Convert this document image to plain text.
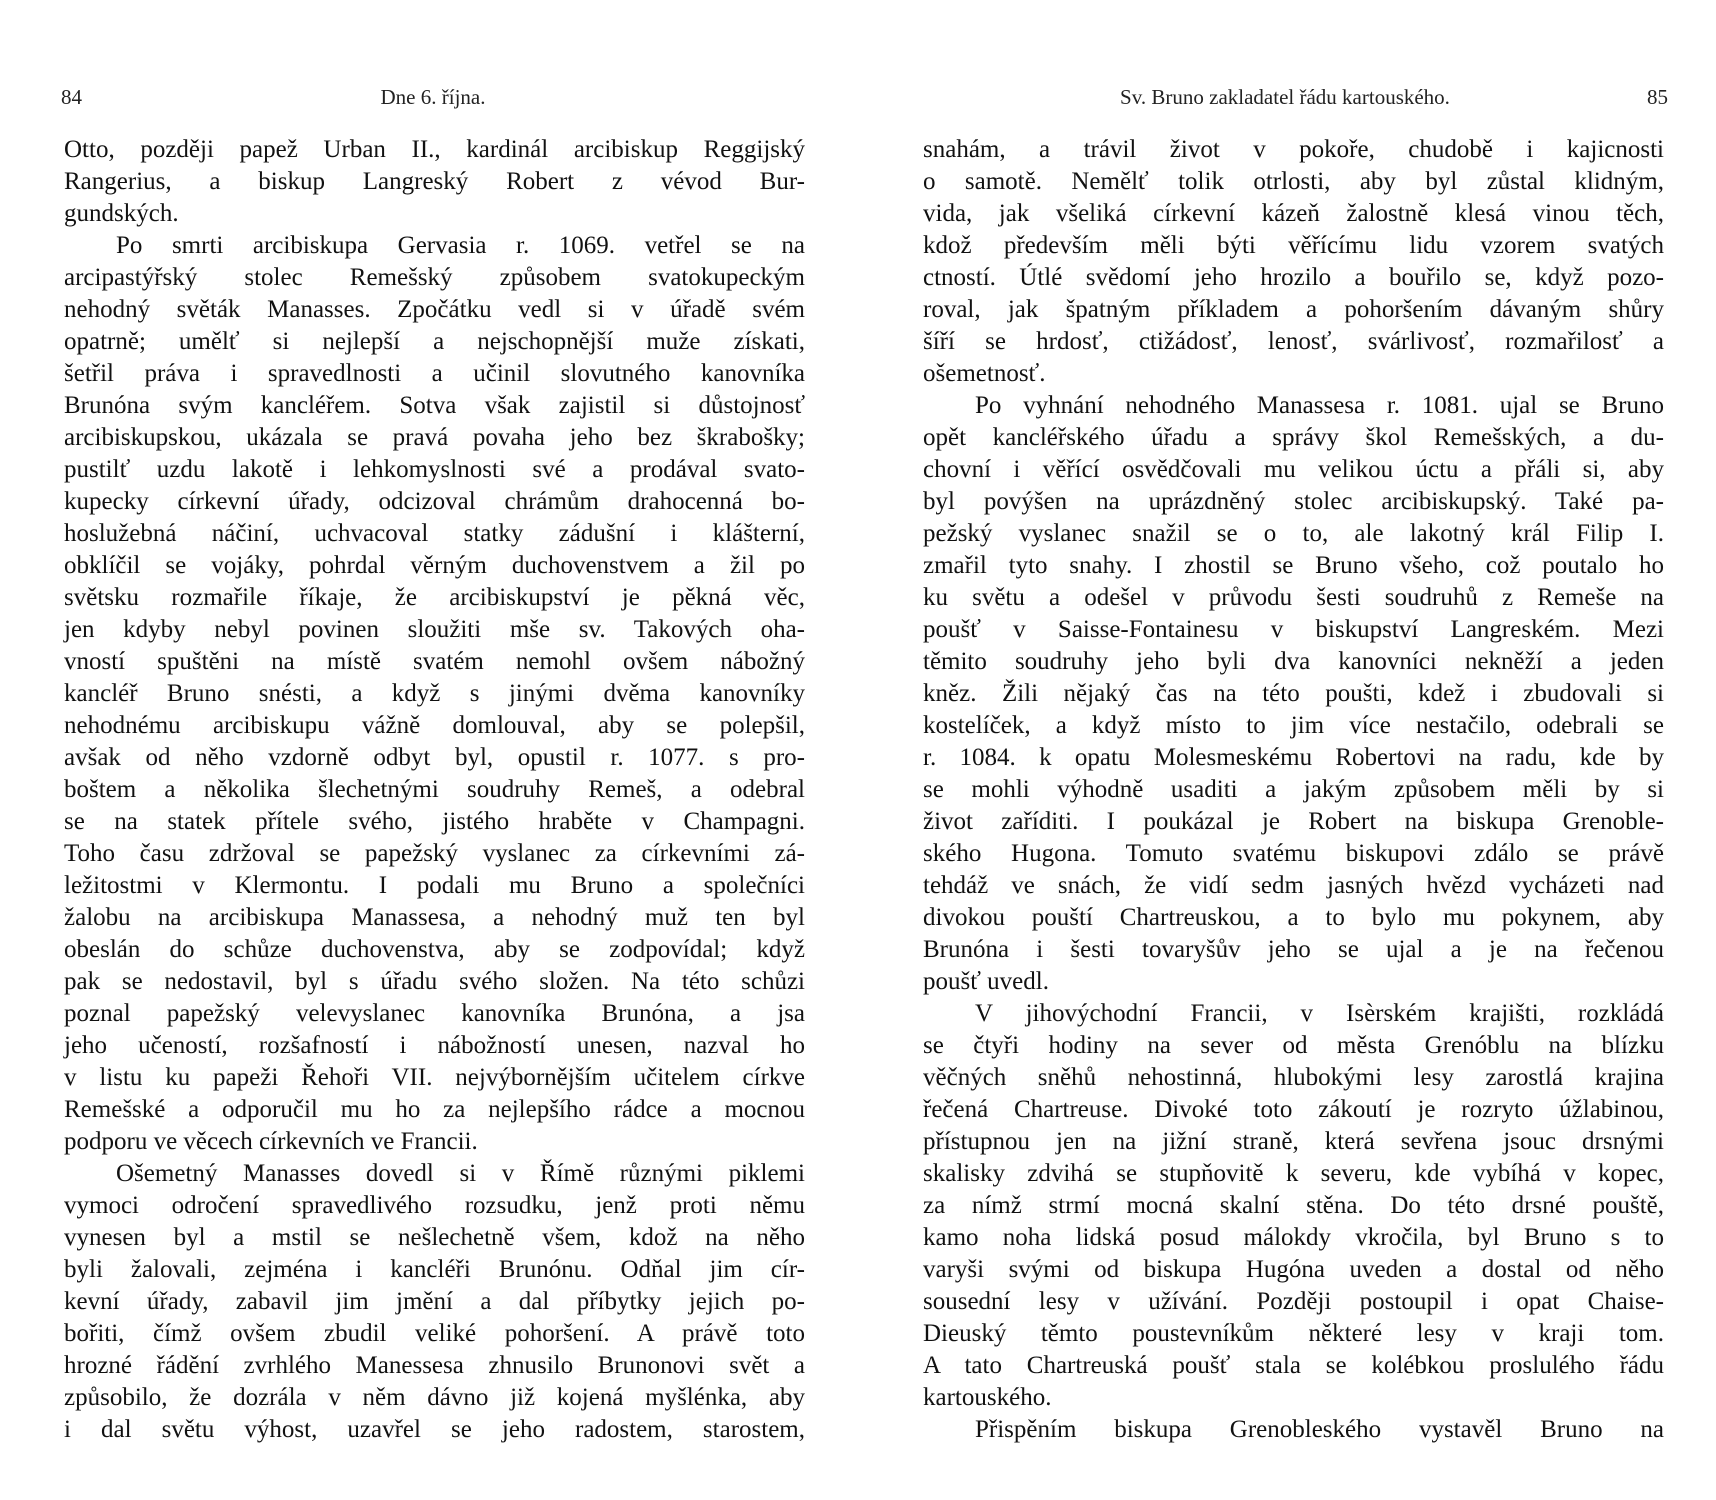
84	Dne 6. října.
Otto, později papež Urban II., kardinál arcibiskup Reggijský
Rangerius, a biskup Langreský Robert z vévod Bur-
gundských.
Po smrti arcibiskupa Gervasia r. 1069. vetřel se na
arcipastýřský stolec Remešský způsobem svatokupeckým
nehodný světák Manasses. Zpočátku vedl si v úřadě svém
opatrně; umělť si nejlepší a nejschopnější muže získati,
šetřil práva i spravedlnosti a učinil slovutného kanovníka
Brunóna svým kancléřem. Sotva však zajistil si důstojnosť
arcibiskupskou, ukázala se pravá povaha jeho bez škrabošky;
pustilť uzdu lakotě i lehkomyslnosti své a prodával svato-
kupecky církevní úřady, odcizoval chrámům drahocenná bo-
hoslužebná náčiní, uchvacoval statky zádušní i klášterní,
obklíčil se vojáky, pohrdal věrným duchovenstvem a žil po
světsku rozmařile říkaje, že arcibiskupství je pěkná věc,
jen kdyby nebyl povinen sloužiti mše sv. Takových oha-
vností spuštěni na místě svatém nemohl ovšem nábožný
kancléř Bruno snésti, a když s jinými dvěma kanovníky
nehodnému arcibiskupu vážně domlouval, aby se polepšil,
avšak od něho vzdorně odbyt byl, opustil r. 1077. s pro-
boštem a několika šlechetnými soudruhy Remeš, a odebral
se na statek přítele svého, jistého hraběte v Champagni.
Toho času zdržoval se papežský vyslanec za církevními zá-
ležitostmi v Klermontu. I podali mu Bruno a společníci
žalobu na arcibiskupa Manassesa, a nehodný muž ten byl
obeslán do schůze duchovenstva, aby se zodpovídal; když
pak se nedostavil, byl s úřadu svého složen. Na této schůzi
poznal papežský velevyslanec kanovníka Brunóna, a jsa
jeho učeností, rozšafností i nábožností unesen, nazval ho
v listu ku papeži Řehoři VII. nejvýbornějším učitelem církve
Remešské a odporučil mu ho za nejlepšího rádce a mocnou
podporu ve věcech církevních ve Francii.
Ošemetný Manasses dovedl si v Římě různými piklemi
vymoci odročení spravedlivého rozsudku, jenž proti němu
vynesen byl a mstil se nešlechetně všem, kdož na něho
byli žalovali, zejména i kancléři Brunónu. Odňal jim cír-
kevní úřady, zabavil jim jmění a dal příbytky jejich po-
bořiti, čímž ovšem zbudil veliké pohoršení. A právě toto
hrozné řádění zvrhlého Manessesa zhnusilo Brunonovi svět a
způsobilo, že dozrála v něm dávno již kojená myšlénka, aby
i dal světu výhost, uzavřel se jeho radostem, starostem,
Sv. Bruno zakladatel řádu kartouského.	85
snahám, a trávil život v pokoře, chudobě i kajicnosti
o samotě. Nemělť tolik otrlosti, aby byl zůstal klidným,
vida, jak všeliká církevní kázeň žalostně klesá vinou těch,
kdož především měli býti věřícímu lidu vzorem svatých
ctností. Útlé svědomí jeho hrozilo a bouřilo se, když pozo-
roval, jak špatným příkladem a pohoršením dávaným shůry
šíří se hrdosť, ctižádosť, lenosť, svárlivosť, rozmařilosť a
ošemetnosť.
Po vyhnání nehodného Manassesa r. 1081. ujal se Bruno
opět kancléřského úřadu a správy škol Remešských, a du-
chovní i věřící osvědčovali mu velikou úctu a přáli si, aby
byl povýšen na uprázdněný stolec arcibiskupský. Také pa-
pežský vyslanec snažil se o to, ale lakotný král Filip I.
zmařil tyto snahy. I zhostil se Bruno všeho, což poutalo ho
ku světu a odešel v průvodu šesti soudruhů z Remeše na
poušť v Saisse-Fontainesu v biskupství Langreském. Mezi
těmito soudruhy jeho byli dva kanovníci nekněží a jeden
kněz. Žili nějaký čas na této poušti, kdež i zbudovali si
kostelíček, a když místo to jim více nestačilo, odebrali se
r. 1084. k opatu Molesmeskému Robertovi na radu, kde by
se mohli výhodně usaditi a jakým způsobem měli by si
život zaříditi. I poukázal je Robert na biskupa Grenoble-
ského Hugona. Tomuto svatému biskupovi zdálo se právě
tehdáž ve snách, že vidí sedm jasných hvězd vycházeti nad
divokou pouští Chartreuskou, a to bylo mu pokynem, aby
Brunóna i šesti tovaryšův jeho se ujal a je na řečenou
poušť uvedl.
V jihovýchodní Francii, v Isèrském krajišti, rozkládá
se čtyři hodiny na sever od města Grenóblu na blízku
věčných sněhů nehostinná, hlubokými lesy zarostlá krajina
řečená Chartreuse. Divoké toto zákoutí je rozryto úžlabinou,
přístupnou jen na jižní straně, která sevřena jsouc drsnými
skalisky zdvihá se stupňovitě k severu, kde vybíhá v kopec,
za nímž strmí mocná skalní stěna. Do této drsné pouště,
kamo noha lidská posud málokdy vkročila, byl Bruno s to
varyši svými od biskupa Hugóna uveden a dostal od něho
sousední lesy v užívání. Později postoupil i opat Chaise-
Dieuský těmto poustevníkům některé lesy v kraji tom.
A tato Chartreuská poušť stala se kolébkou proslulého řádu
kartouského.
Přispěním biskupa Grenobleského vystavěl Bruno na
